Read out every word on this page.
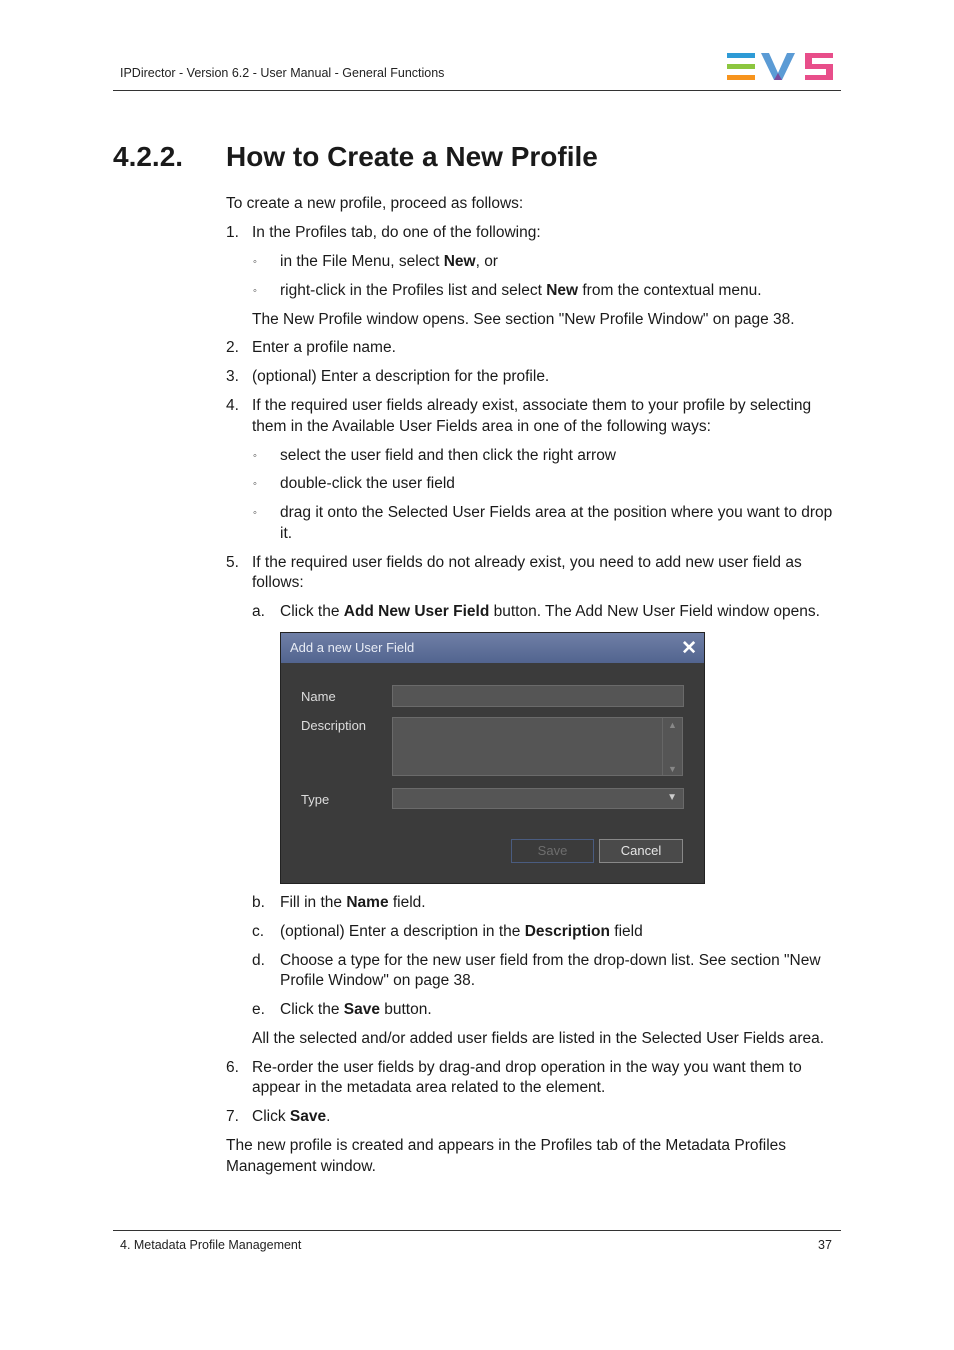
IPDirector - Version 6.2 - User Manual - General Functions
4.2.2. How to Create a New Profile
To create a new profile, proceed as follows:
1. In the Profiles tab, do one of the following:
◦ in the File Menu, select New, or
◦ right-click in the Profiles list and select New from the contextual menu.
The New Profile window opens. See section "New Profile Window" on page 38.
2. Enter a profile name.
3. (optional) Enter a description for the profile.
4. If the required user fields already exist, associate them to your profile by selecting
them in the Available User Fields area in one of the following ways:
◦ select the user field and then click the right arrow
◦ double-click the user field
◦ drag it onto the Selected User Fields area at the position where you want to drop
it.
5. If the required user fields do not already exist, you need to add new user field as
follows:
a. Click the Add New User Field button. The Add New User Field window opens.
Add a new User Field	✕
Name
Description	▲
▼
Type	▼
Save	Cancel
b. Fill in the Name field.
c. (optional) Enter a description in the Description field
d. Choose a type for the new user field from the drop-down list. See section "New
Profile Window" on page 38.
e. Click the Save button.
All the selected and/or added user fields are listed in the Selected User Fields area.
6. Re-order the user fields by drag-and drop operation in the way you want them to
appear in the metadata area related to the element.
7. Click Save.
The new profile is created and appears in the Profiles tab of the Metadata Profiles
Management window.
4. Metadata Profile Management	37
